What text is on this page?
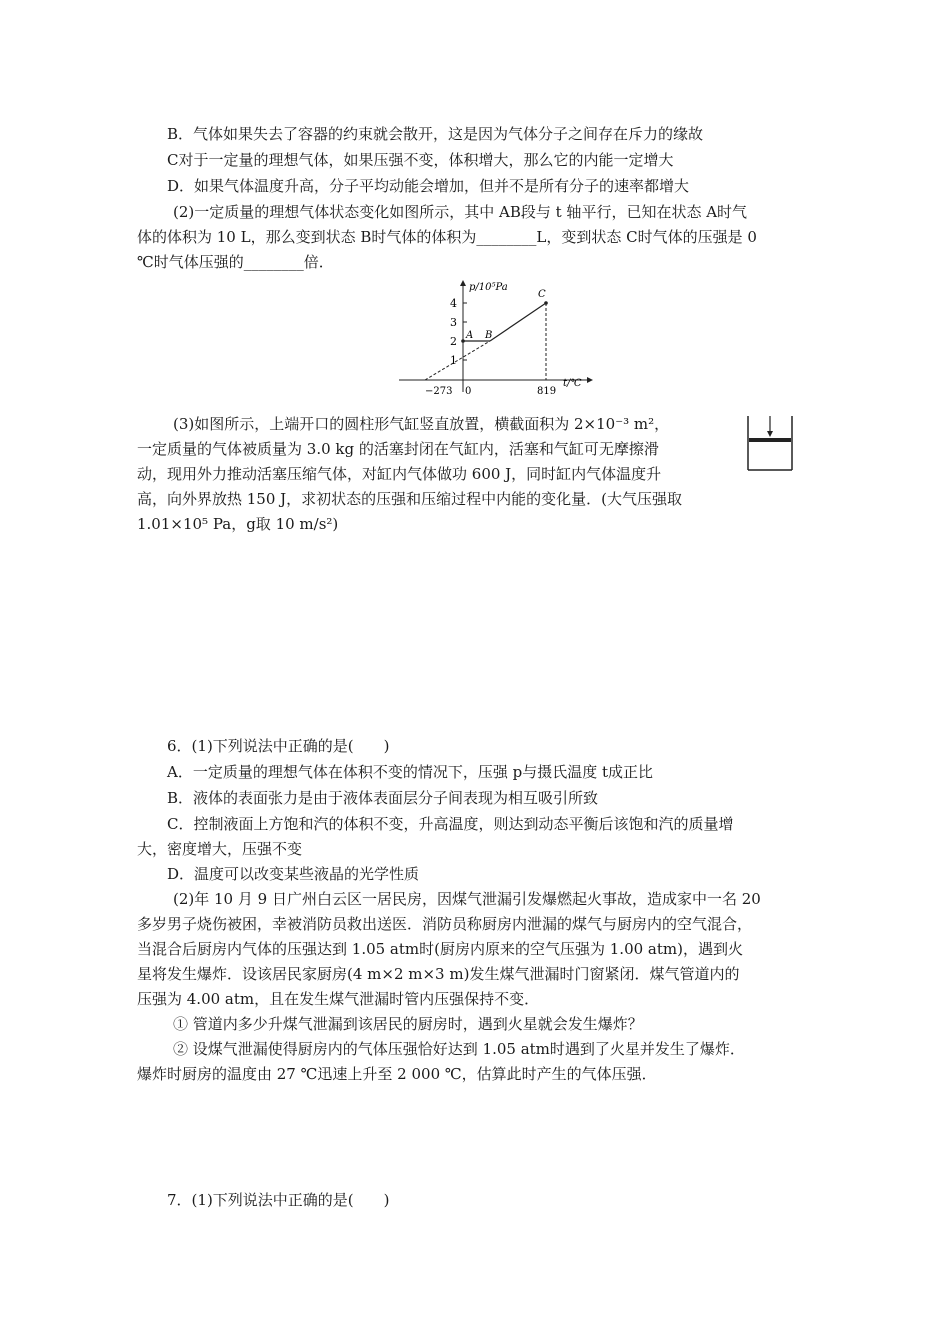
B．气体如果失去了容器的约束就会散开，这是因为气体分子之间存在斥力的缘故
C对于一定量的理想气体，如果压强不变，体积增大，那么它的内能一定增大
D．如果气体温度升高，分子平均动能会增加，但并不是所有分子的速率都增大
(2)一定质量的理想气体状态变化如图所示，其中 AB段与 t 轴平行，已知在状态 A时气
体的体积为 10 L，那么变到状态 B时气体的体积为________L，变到状态 C时气体的压强是 0
℃时气体压强的________倍．
1
2
3
4
p/10⁵Pa
t/℃
−273 0	819
A B
C
(3)如图所示，上端开口的圆柱形气缸竖直放置，横截面积为 2×10⁻³ m²，
一定质量的气体被质量为 3.0 kg 的活塞封闭在气缸内，活塞和气缸可无摩擦滑
动，现用外力推动活塞压缩气体，对缸内气体做功 600 J，同时缸内气体温度升
高，向外界放热 150 J，求初状态的压强和压缩过程中内能的变化量．(大气压强取
1.01×10⁵ Pa，g取 10 m/s²)
6．(1)下列说法中正确的是(　　)
A．一定质量的理想气体在体积不变的情况下，压强 p与摄氏温度 t成正比
B．液体的表面张力是由于液体表面层分子间表现为相互吸引所致
C．控制液面上方饱和汽的体积不变，升高温度，则达到动态平衡后该饱和汽的质量增
大，密度增大，压强不变
D．温度可以改变某些液晶的光学性质
(2)年 10 月 9 日广州白云区一居民房，因煤气泄漏引发爆燃起火事故，造成家中一名 20
多岁男子烧伤被困，幸被消防员救出送医．消防员称厨房内泄漏的煤气与厨房内的空气混合，
当混合后厨房内气体的压强达到 1.05 atm时(厨房内原来的空气压强为 1.00 atm)，遇到火
星将发生爆炸．设该居民家厨房(4 m×2 m×3 m)发生煤气泄漏时门窗紧闭．煤气管道内的
压强为 4.00 atm，且在发生煤气泄漏时管内压强保持不变．
① 管道内多少升煤气泄漏到该居民的厨房时，遇到火星就会发生爆炸？
② 设煤气泄漏使得厨房内的气体压强恰好达到 1.05 atm时遇到了火星并发生了爆炸．
爆炸时厨房的温度由 27 ℃迅速上升至 2 000 ℃，估算此时产生的气体压强．
7．(1)下列说法中正确的是(　　)
